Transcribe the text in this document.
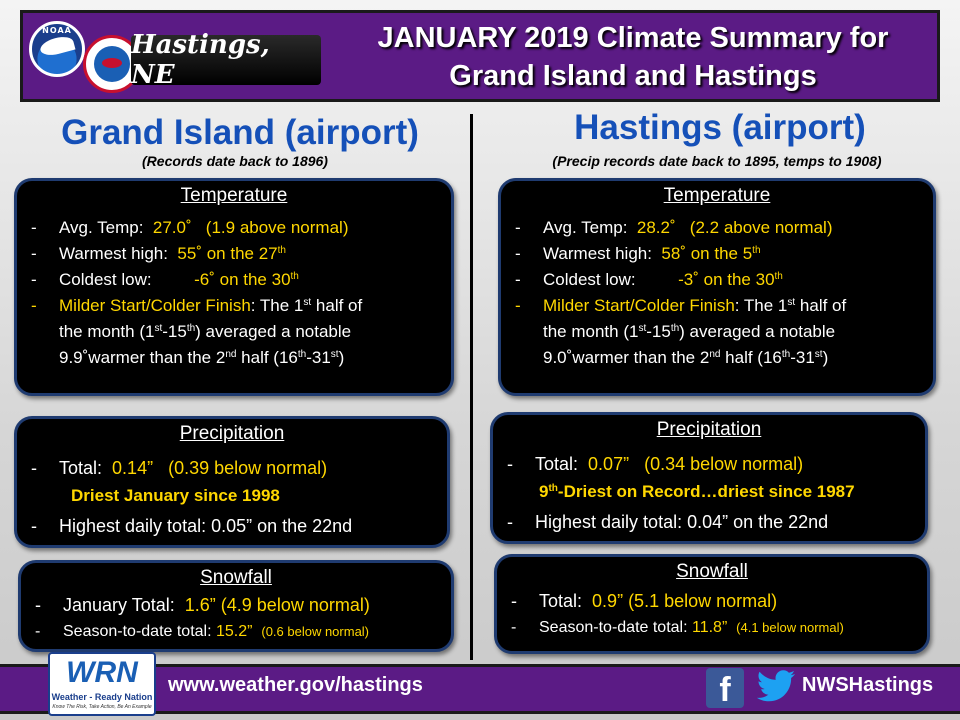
NOAA	Hastings, NE
JANUARY 2019 Climate Summary for
Grand Island and Hastings
Grand Island (airport)
(Records date back to 1896)
Temperature
- Avg. Temp: 27.0˚ (1.9 above normal)
- Warmest high: 55˚ on the 27th
- Coldest low:	-6˚ on the 30th
- Milder Start/Colder Finish: The 1st half of
the month (1st-15th) averaged a notable
9.9˚warmer than the 2nd half (16th-31st)
Precipitation
- Total: 0.14” (0.39 below normal)
Driest January since 1998
- Highest daily total: 0.05” on the 22nd
Snowfall
- January Total: 1.6” (4.9 below normal)
- Season-to-date total: 15.2” (0.6 below normal)
Hastings (airport)
(Precip records date back to 1895, temps to 1908)
Temperature
- Avg. Temp: 28.2˚ (2.2 above normal)
- Warmest high: 58˚ on the 5th
- Coldest low:	-3˚ on the 30th
- Milder Start/Colder Finish: The 1st half of
the month (1st-15th) averaged a notable
9.0˚warmer than the 2nd half (16th-31st)
Precipitation
- Total: 0.07” (0.34 below normal)
9th-Driest on Record…driest since 1987
- Highest daily total: 0.04” on the 22nd
Snowfall
- Total: 0.9” (5.1 below normal)
- Season-to-date total: 11.8” (4.1 below normal)
WRN
Weather - Ready Nation
Know The Risk, Take Action, Be An Example
www.weather.gov/hastings	f	NWSHastings
